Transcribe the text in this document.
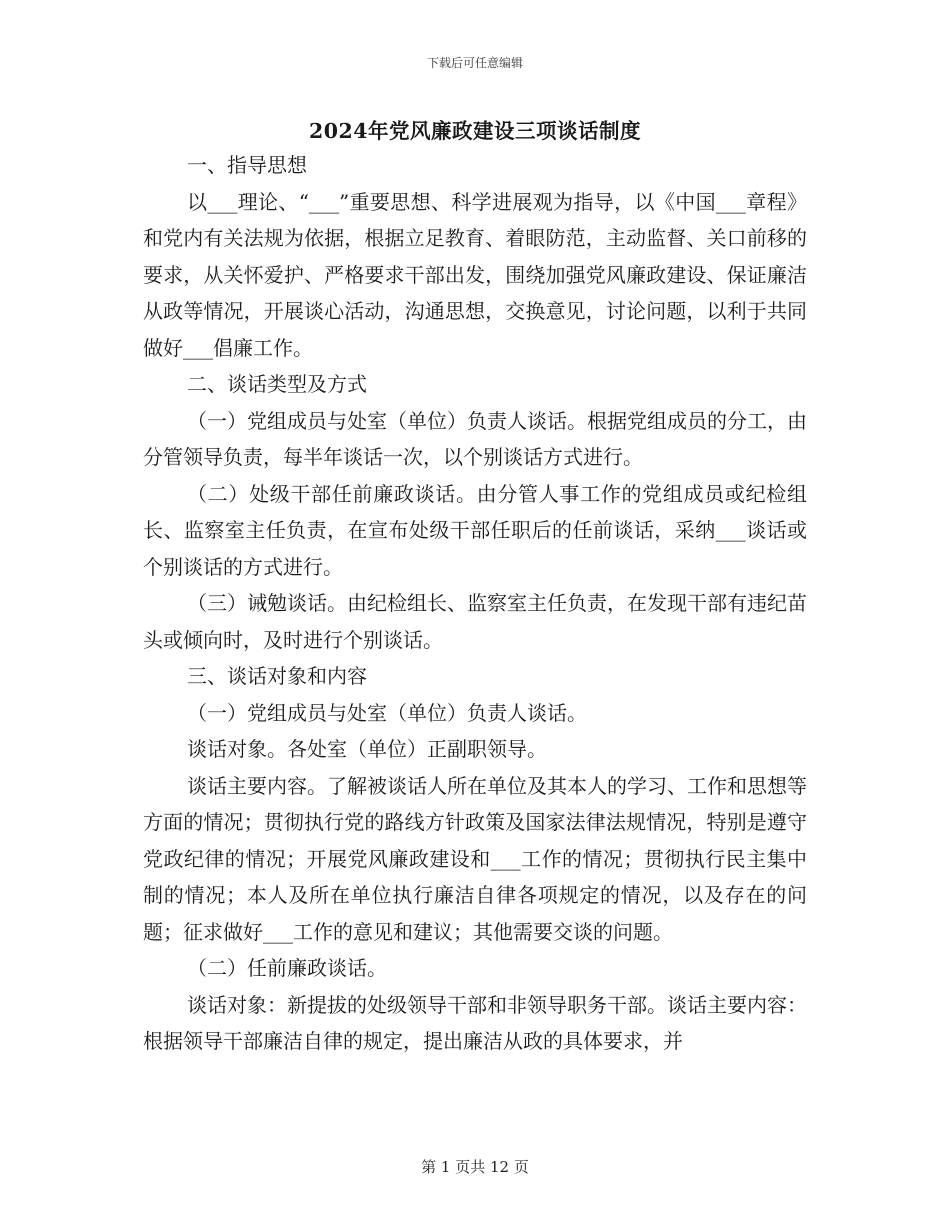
下载后可任意编辑
2024年党风廉政建设三项谈话制度

一、指导思想

以___理论、“___”重要思想、科学进展观为指导，以《中国___章程》和党内有关法规为依据，根据立足教育、着眼防范，主动监督、关口前移的要求，从关怀爱护、严格要求干部出发，围绕加强党风廉政建设、保证廉洁从政等情况，开展谈心活动，沟通思想，交换意见，讨论问题，以利于共同做好___倡廉工作。

二、谈话类型及方式

（一）党组成员与处室（单位）负责人谈话。根据党组成员的分工，由分管领导负责，每半年谈话一次，以个别谈话方式进行。

（二）处级干部任前廉政谈话。由分管人事工作的党组成员或纪检组长、监察室主任负责，在宣布处级干部任职后的任前谈话，采纳___谈话或个别谈话的方式进行。

（三）诫勉谈话。由纪检组长、监察室主任负责，在发现干部有违纪苗头或倾向时，及时进行个别谈话。

三、谈话对象和内容

（一）党组成员与处室（单位）负责人谈话。

谈话对象。各处室（单位）正副职领导。

谈话主要内容。了解被谈话人所在单位及其本人的学习、工作和思想等方面的情况；贯彻执行党的路线方针政策及国家法律法规情况，特别是遵守党政纪律的情况；开展党风廉政建设和___工作的情况；贯彻执行民主集中制的情况；本人及所在单位执行廉洁自律各项规定的情况，以及存在的问题；征求做好___工作的意见和建议；其他需要交谈的问题。

（二）任前廉政谈话。

谈话对象：新提拔的处级领导干部和非领导职务干部。谈话主要内容：根据领导干部廉洁自律的规定，提出廉洁从政的具体要求，并

第 1 页共 12 页
